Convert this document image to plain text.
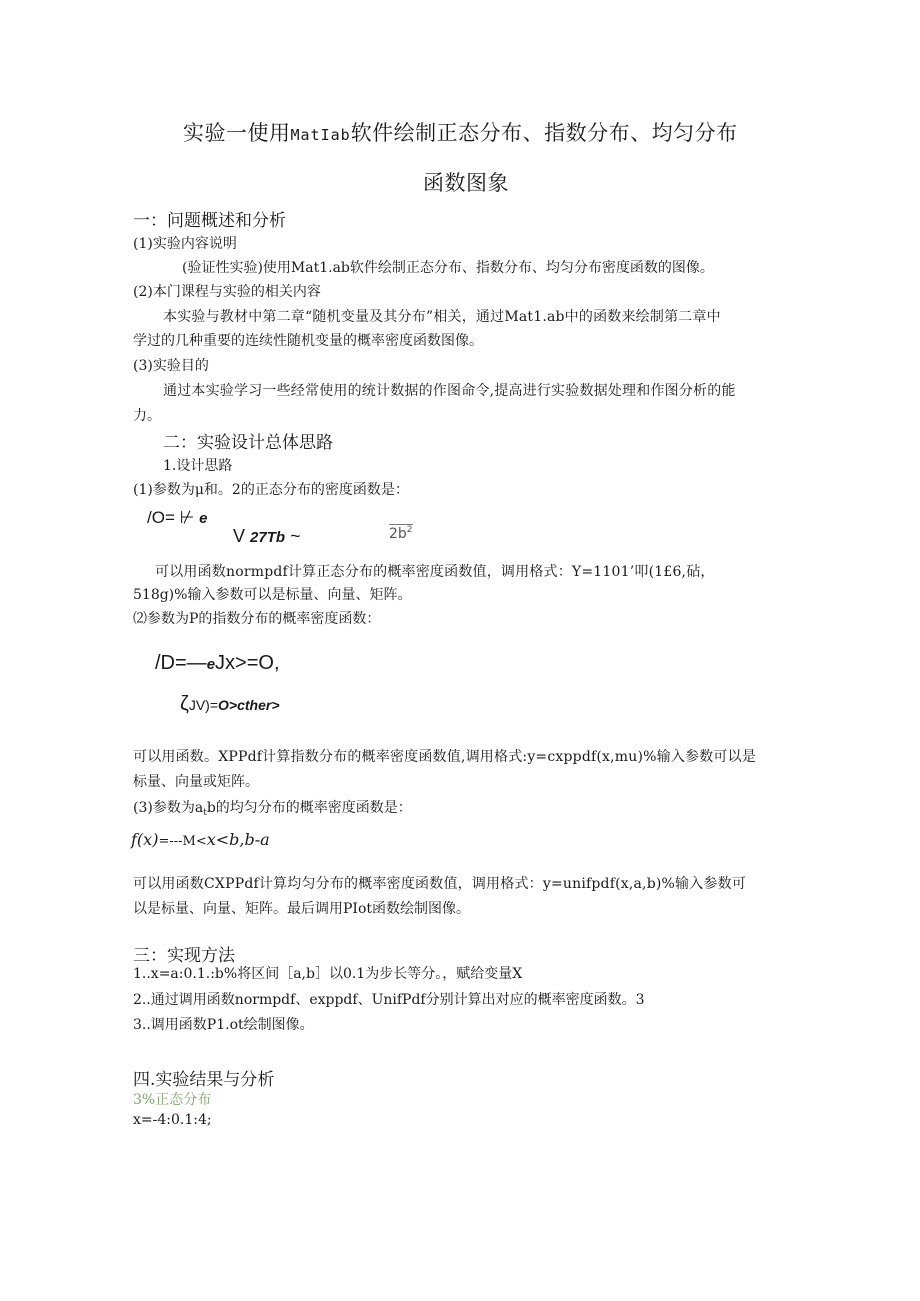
实验一使用MatIab软件绘制正态分布、指数分布、均匀分布
函数图象
一：问题概述和分析
(1)实验内容说明
(验证性实验)使用Mat1.ab软件绘制正态分布、指数分布、均匀分布密度函数的图像。
(2)本门课程与实验的相关内容
本实验与教材中第二章“随机变量及其分布”相关，通过Mat1.ab中的函数来绘制第二章中
学过的几种重要的连续性随机变量的概率密度函数图像。
(3)实验目的
通过本实验学习一些经常使用的统计数据的作图命令,提高进行实验数据处理和作图分析的能
力。
二：实验设计总体思路
1.设计思路
(1)参数为μ和。2的正态分布的密度函数是：
/O= ⊬ e
V 27Tb ~	$2b^2$
可以用函数normpdf计算正态分布的概率密度函数值，调用格式：Y=1101’叩(1£6,砧，
518g)%输入参数可以是标量、向量、矩阵。
⑵参数为P的指数分布的概率密度函数：
/D=—eJx>=O,
ζJV)=O>cther>
可以用函数。XPPdf计算指数分布的概率密度函数值,调用格式:y=cxppdf(x,mu)%输入参数可以是
标量、向量或矩阵。
(3)参数为$a_tb$的均匀分布的概率密度函数是：
f(x)=---M<x<b,b-a
可以用函数CXPPdf计算均匀分布的概率密度函数值，调用格式：y=unifpdf(x,a,b)%输入参数可
以是标量、向量、矩阵。最后调用PIot函数绘制图像。
三：实现方法
1..x=a:0.1.:b%将区间［a,b］以0.1为步长等分。，赋给变量X
2..通过调用函数normpdf、exppdf、UnifPdf分别计算出对应的概率密度函数。3
3..调用函数P1.ot绘制图像。
四.实验结果与分析
3%正态分布
x=-4:0.1:4;
